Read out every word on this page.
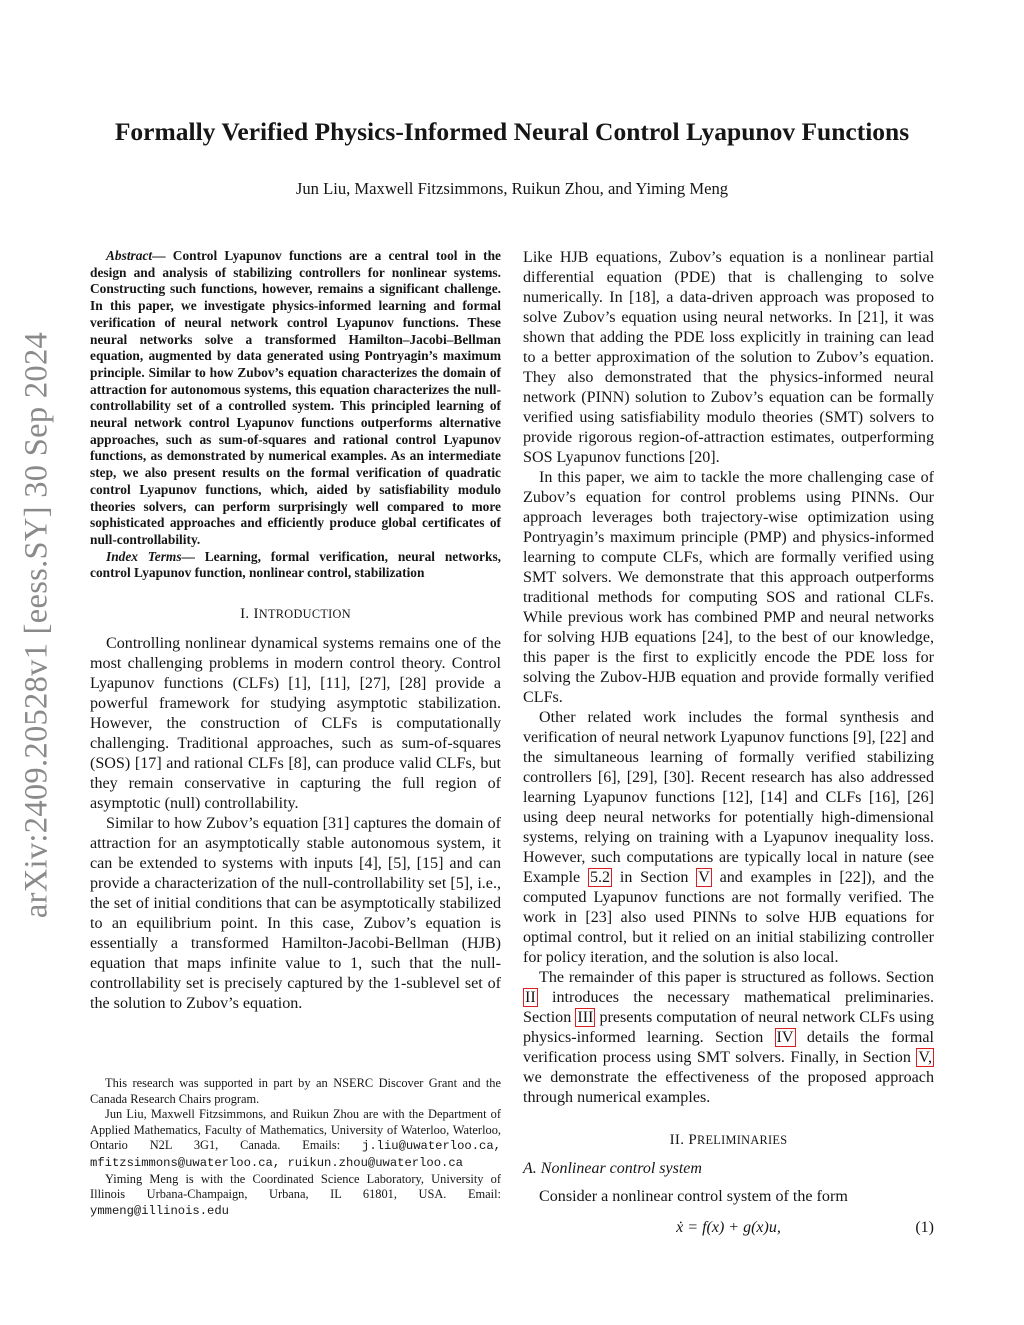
arXiv:2409.20528v1 [eess.SY] 30 Sep 2024
Formally Verified Physics-Informed Neural Control Lyapunov Functions
Jun Liu, Maxwell Fitzsimmons, Ruikun Zhou, and Yiming Meng

Abstract— Control Lyapunov functions are a central tool in the design and analysis of stabilizing controllers for nonlinear systems. Constructing such functions, however, remains a significant challenge. In this paper, we investigate physics-informed learning and formal verification of neural network control Lyapunov functions. These neural networks solve a transformed Hamilton–Jacobi–Bellman equation, augmented by data generated using Pontryagin’s maximum principle. Similar to how Zubov’s equation characterizes the domain of attraction for autonomous systems, this equation characterizes the null-controllability set of a controlled system. This principled learning of neural network control Lyapunov functions outperforms alternative approaches, such as sum-of-squares and rational control Lyapunov functions, as demonstrated by numerical examples. As an intermediate step, we also present results on the formal verification of quadratic control Lyapunov functions, which, aided by satisfiability modulo theories solvers, can perform surprisingly well compared to more sophisticated approaches and efficiently produce global certificates of null-controllability.

Index Terms— Learning, formal verification, neural networks, control Lyapunov function, nonlinear control, stabilization

I. INTRODUCTION

Controlling nonlinear dynamical systems remains one of the most challenging problems in modern control theory. Control Lyapunov functions (CLFs) [1], [11], [27], [28] provide a powerful framework for studying asymptotic stabilization. However, the construction of CLFs is computationally challenging. Traditional approaches, such as sum-of-squares (SOS) [17] and rational CLFs [8], can produce valid CLFs, but they remain conservative in capturing the full region of asymptotic (null) controllability.

Similar to how Zubov’s equation [31] captures the domain of attraction for an asymptotically stable autonomous system, it can be extended to systems with inputs [4], [5], [15] and can provide a characterization of the null-controllability set [5], i.e., the set of initial conditions that can be asymptotically stabilized to an equilibrium point. In this case, Zubov’s equation is essentially a transformed Hamilton-Jacobi-Bellman (HJB) equation that maps infinite value to 1, such that the null-controllability set is precisely captured by the 1-sublevel set of the solution to Zubov’s equation.

This research was supported in part by an NSERC Discover Grant and the Canada Research Chairs program.

Jun Liu, Maxwell Fitzsimmons, and Ruikun Zhou are with the Department of Applied Mathematics, Faculty of Mathematics, University of Waterloo, Waterloo, Ontario N2L 3G1, Canada. Emails: j.liu@uwaterloo.ca, mfitzsimmons@uwaterloo.ca, ruikun.zhou@uwaterloo.ca

Yiming Meng is with the Coordinated Science Laboratory, University of Illinois Urbana-Champaign, Urbana, IL 61801, USA. Email: ymmeng@illinois.edu

Like HJB equations, Zubov’s equation is a nonlinear partial differential equation (PDE) that is challenging to solve numerically. In [18], a data-driven approach was proposed to solve Zubov’s equation using neural networks. In [21], it was shown that adding the PDE loss explicitly in training can lead to a better approximation of the solution to Zubov’s equation. They also demonstrated that the physics-informed neural network (PINN) solution to Zubov’s equation can be formally verified using satisfiability modulo theories (SMT) solvers to provide rigorous region-of-attraction estimates, outperforming SOS Lyapunov functions [20].

In this paper, we aim to tackle the more challenging case of Zubov’s equation for control problems using PINNs. Our approach leverages both trajectory-wise optimization using Pontryagin’s maximum principle (PMP) and physics-informed learning to compute CLFs, which are formally verified using SMT solvers. We demonstrate that this approach outperforms traditional methods for computing SOS and rational CLFs. While previous work has combined PMP and neural networks for solving HJB equations [24], to the best of our knowledge, this paper is the first to explicitly encode the PDE loss for solving the Zubov-HJB equation and provide formally verified CLFs.

Other related work includes the formal synthesis and verification of neural network Lyapunov functions [9], [22] and the simultaneous learning of formally verified stabilizing controllers [6], [29], [30]. Recent research has also addressed learning Lyapunov functions [12], [14] and CLFs [16], [26] using deep neural networks for potentially high-dimensional systems, relying on training with a Lyapunov inequality loss. However, such computations are typically local in nature (see Example 5.2 in Section V and examples in [22]), and the computed Lyapunov functions are not formally verified. The work in [23] also used PINNs to solve HJB equations for optimal control, but it relied on an initial stabilizing controller for policy iteration, and the solution is also local.

The remainder of this paper is structured as follows. Section II introduces the necessary mathematical preliminaries. Section III presents computation of neural network CLFs using physics-informed learning. Section IV details the formal verification process using SMT solvers. Finally, in Section V, we demonstrate the effectiveness of the proposed approach through numerical examples.

II. PRELIMINARIES
A. Nonlinear control system

Consider a nonlinear control system of the form

ẋ = f(x) + g(x)u,	(1)
